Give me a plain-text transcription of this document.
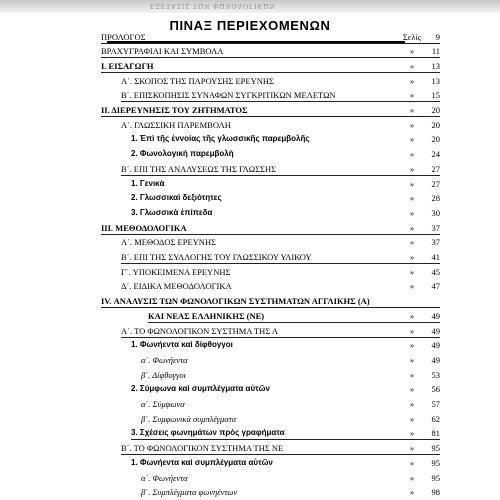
ΕΞΕΤΑΣΙΣ ΤΩΝ ΦΩΝΟΛΟΓΙΚΩΝ
ΠΙΝΑΞ ΠΕΡΙΕΧΟΜΕΝΩΝ
ΠΡΟΛΟΓΟΣ	Σελίς	9
ΒΡΑΧΥΓΡΑΦΙΑΙ ΚΑΙ ΣΥΜΒΟΛΑ	»	11
Ι. ΕΙΣΑΓΩΓΗ	»	13
Α΄. ΣΚΟΠΟΣ ΤΗΣ ΠΑΡΟΥΣΗΣ ΕΡΕΥΝΗΣ	»	13
Β΄. ΕΠΙΣΚΟΠΗΣΙΣ ΣΥΝΑΦΩΝ ΣΥΓΚΡΙΤΙΚΩΝ ΜΕΛΕΤΩΝ	»	15
ΙΙ. ΔΙΕΡΕΥΝΗΣΙΣ ΤΟΥ ΖΗΤΗΜΑΤΟΣ	»	20
Α΄. ΓΛΩΣΣΙΚΗ ΠΑΡΕΜΒΟΛΗ	»	20
1. Ἐπὶ τῆς ἐννοίας τῆς γλωσσικῆς παρεμβολῆς	»	20
2. Φωνολογικὴ παρεμβολὴ	»	24
Β΄. ΕΠΙ ΤΗΣ ΑΝΑΛΥΣΕΩΣ ΤΗΣ ΓΛΩΣΣΗΣ	»	27
1. Γενικὰ	»	27
2. Γλωσσικαὶ δεξιότητες	»	28
3. Γλωσσικὰ ἐπίπεδα	»	30
ΙΙΙ. ΜΕΘΟΔΟΛΟΓΙΚΑ	»	37
Α΄. ΜΕΘΟΔΟΣ ΕΡΕΥΝΗΣ	»	37
Β΄. ΕΠΙ ΤΗΣ ΣΥΛΛΟΓΗΣ ΤΟΥ ΓΛΩΣΣΙΚΟΥ ΥΛΙΚΟΥ	»	41
Γ΄. ΥΠΟΚΕΙΜΕΝΑ ΕΡΕΥΝΗΣ	»	45
Δ΄. ΕΙΔΙΚΑ ΜΕΘΟΔΟΛΟΓΙΚΑ	»	47
IV. ΑΝΑΛΥΣΙΣ ΤΩΝ ΦΩΝΟΛΟΓΙΚΩΝ ΣΥΣΤΗΜΑΤΩΝ ΑΓΓΛΙΚΗΣ (Α)
ΚΑΙ ΝΕΑΣ ΕΛΛΗΝΙΚΗΣ (ΝΕ)	»	49
Α΄. ΤΟ ΦΩΝΟΛΟΓΙΚΟΝ ΣΥΣΤΗΜΑ ΤΗΣ Α	»	49
1. Φωνήεντα καὶ δίφθογγοι	»	49
α΄. Φωνήεντα	»	49
β΄. Δίφθογγοι	»	53
2. Σύμφωνα καὶ συμπλέγματα αὐτῶν	»	56
α΄. Σύμφωνα	»	57
β΄. Συμφωνικὰ συμπλέγματα	»	62
3. Σχέσεις φωνημάτων πρὸς γραφήματα	»	81
Β΄. ΤΟ ΦΩΝΟΛΟΓΙΚΟΝ ΣΥΣΤΗΜΑ ΤΗΣ ΝΕ	»	95
1. Φωνήεντα καὶ συμπλέγματα αὐτῶν	»	95
α΄. Φωνήεντα	»	95
β΄. Συμπλέγματα φωνηέντων	»	98
